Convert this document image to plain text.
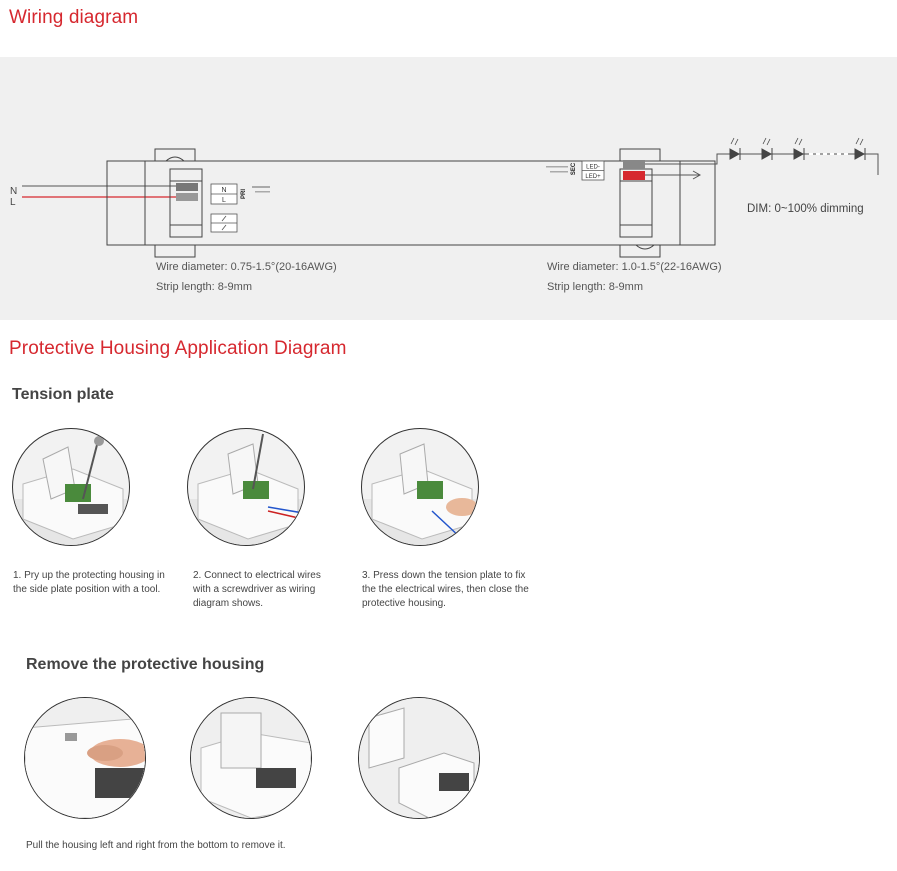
Wiring diagram
N
L
N
L
PRI
SEC LED-
LED+
DIM: 0~100% dimming
Wire diameter: 0.75-1.5°(20-16AWG)
Strip length: 8-9mm
Wire diameter: 1.0-1.5°(22-16AWG)
Strip length: 8-9mm
Protective Housing Application Diagram
Tension plate
1. Pry up the protecting housing in the side plate position with a tool.
2. Connect to electrical wires with a screwdriver as wiring diagram shows.
3. Press down the tension plate to fix the the electrical wires, then close the protective housing.
Remove the protective housing
Pull the housing left and right from the bottom to remove it.
